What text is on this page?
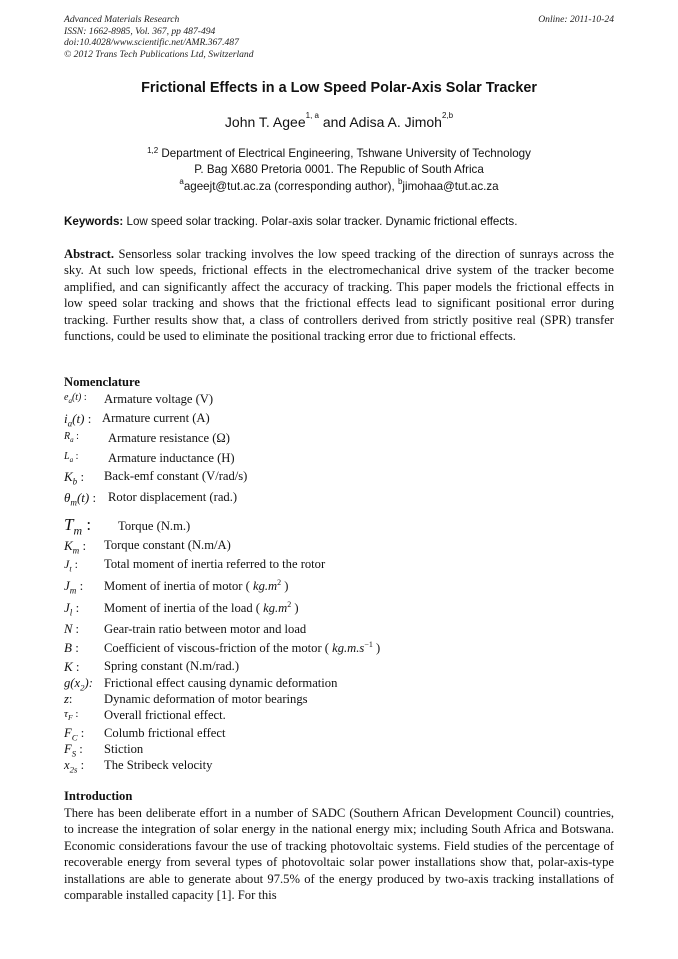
Advanced Materials Research
ISSN: 1662-8985, Vol. 367, pp 487-494
doi:10.4028/www.scientific.net/AMR.367.487
© 2012 Trans Tech Publications Ltd, Switzerland
Online: 2011-10-24
Frictional Effects in a Low Speed Polar-Axis Solar Tracker
John T. Agee$^{1, a}$ and Adisa A. Jimoh$^{2,b}$
$^{1,2}$ Department of Electrical Engineering, Tshwane University of Technology
P. Bag X680 Pretoria 0001. The Republic of South Africa
$^a$ageejt@tut.ac.za (corresponding author), $^b$jimohaa@tut.ac.za
Keywords: Low speed solar tracking. Polar-axis solar tracker. Dynamic frictional effects.
Abstract. Sensorless solar tracking involves the low speed tracking of the direction of sunrays across the sky. At such low speeds, frictional effects in the electromechanical drive system of the tracker become amplified, and can significantly affect the accuracy of tracking. This paper models the frictional effects in low speed solar tracking and shows that the frictional effects lead to significant positional error during tracking. Further results show that, a class of controllers derived from strictly positive real (SPR) transfer functions, could be used to eliminate the positional tracking error due to frictional effects.
Nomenclature
$e_a(t)$ : Armature voltage (V)
$i_a(t)$ : Armature current (A)
$R_a$ : Armature resistance (Ω)
$L_a$ : Armature inductance (H)
$K_b$ : Back-emf constant (V/rad/s)
$\theta_m(t)$ : Rotor displacement (rad.)
$T_m$ : Torque (N.m.)
$K_m$ : Torque constant (N.m/A)
$J_t$ : Total moment of inertia referred to the rotor
$J_m$ : Moment of inertia of motor ( $kg.m^2$ )
$J_l$ : Moment of inertia of the load ( $kg.m^2$ )
N : Gear-train ratio between motor and load
B : Coefficient of viscous-friction of the motor ( $kg.m.s^{-1}$ )
K : Spring constant (N.m/rad.)
$g(x_2)$: Frictional effect causing dynamic deformation
z:	Dynamic deformation of motor bearings
$\tau_F$ : Overall frictional effect.
$F_C$ : Columb frictional effect
$F_S$ : Stiction
$x_{2s}$ : The Stribeck velocity
Introduction
There has been deliberate effort in a number of SADC (Southern African Development Council) countries, to increase the integration of solar energy in the national energy mix; including South Africa and Botswana. Economic considerations favour the use of tracking photovoltaic systems. Field studies of the percentage of recoverable energy from several types of photovoltaic solar power installations show that, polar-axis-type installations are able to generate about 97.5% of the energy produced by two-axis tracking installations of comparable installed capacity [1]. For this
